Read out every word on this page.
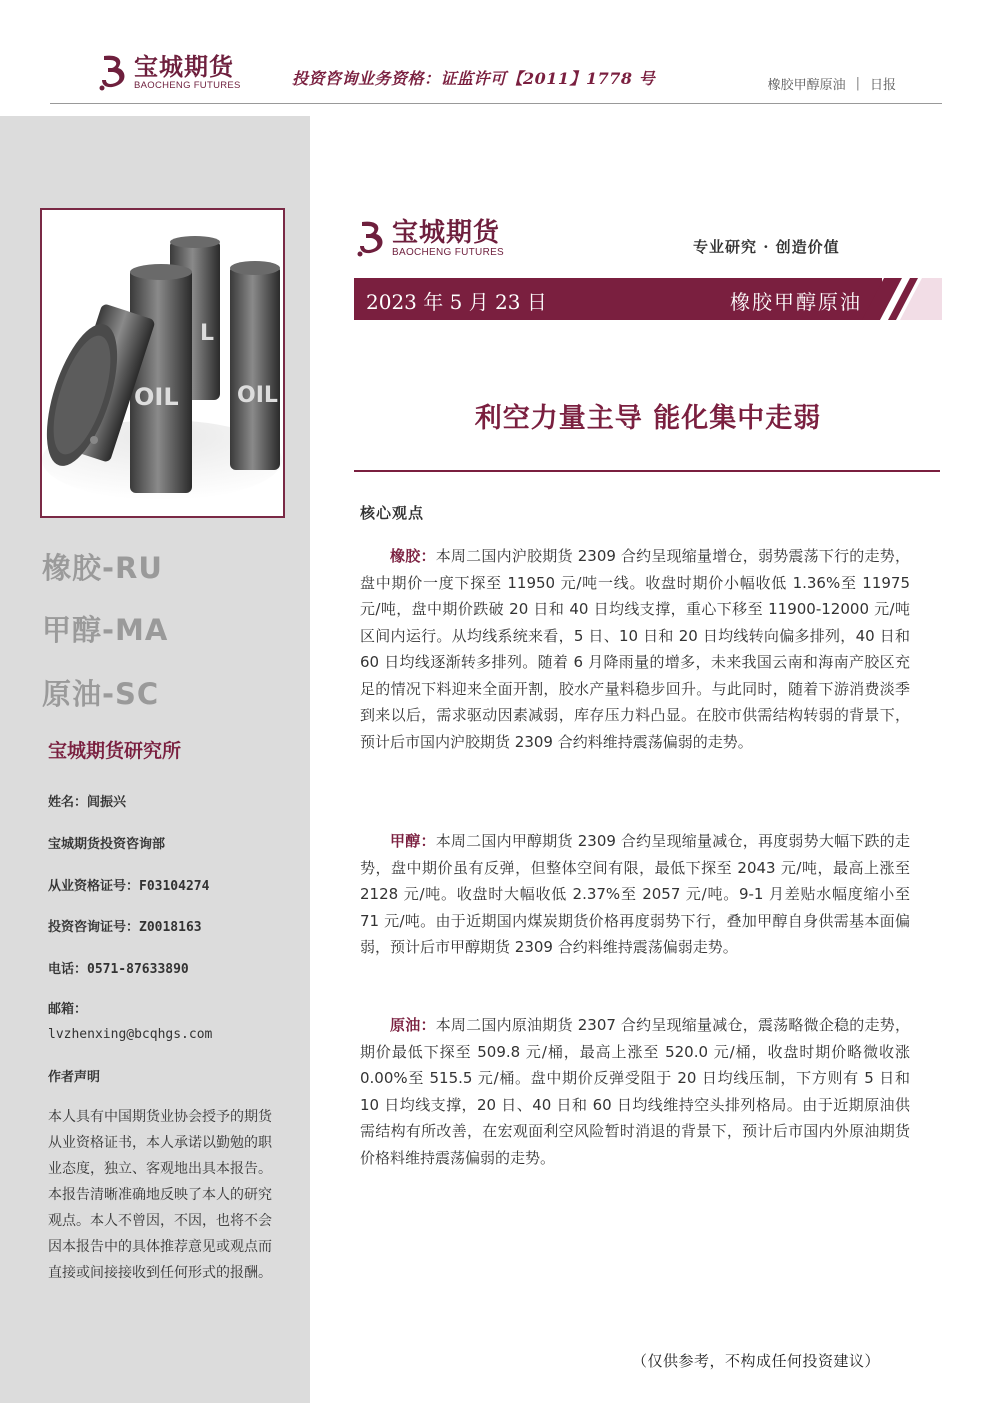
宝城期货
BAOCHENG FUTURES	投资咨询业务资格：证监许可【2011】1778 号	橡胶甲醇原油 | 日报
L
OIL
OIL
橡胶-RU
甲醇-MA
原油-SC
宝城期货研究所
姓名：闾振兴
宝城期货投资咨询部
从业资格证号：F03104274
投资咨询证号：Z0018163
电话：0571-87633890
邮箱：
lvzhenxing@bcqhgs.com
作者声明
本人具有中国期货业协会授予的期货从业资格证书，本人承诺以勤勉的职业态度，独立、客观地出具本报告。本报告清晰准确地反映了本人的研究观点。本人不曾因，不因，也将不会因本报告中的具体推荐意见或观点而直接或间接接收到任何形式的报酬。
宝城期货
BAOCHENG FUTURES	专业研究 · 创造价值
2023 年 5 月 23 日	橡胶甲醇原油
利空力量主导 能化集中走弱
核心观点
橡胶：本周二国内沪胶期货 2309 合约呈现缩量增仓，弱势震荡下行的走势，盘中期价一度下探至 11950 元/吨一线。收盘时期价小幅收低 1.36%至 11975 元/吨，盘中期价跌破 20 日和 40 日均线支撑，重心下移至 11900-12000 元/吨区间内运行。从均线系统来看，5 日、10 日和 20 日均线转向偏多排列，40 日和 60 日均线逐渐转多排列。随着 6 月降雨量的增多，未来我国云南和海南产胶区充足的情况下料迎来全面开割，胶水产量料稳步回升。与此同时，随着下游消费淡季到来以后，需求驱动因素减弱，库存压力料凸显。在胶市供需结构转弱的背景下，预计后市国内沪胶期货 2309 合约料维持震荡偏弱的走势。
甲醇：本周二国内甲醇期货 2309 合约呈现缩量减仓，再度弱势大幅下跌的走势，盘中期价虽有反弹，但整体空间有限，最低下探至 2043 元/吨，最高上涨至 2128 元/吨。收盘时大幅收低 2.37%至 2057 元/吨。9-1 月差贴水幅度缩小至 71 元/吨。由于近期国内煤炭期货价格再度弱势下行，叠加甲醇自身供需基本面偏弱，预计后市甲醇期货 2309 合约料维持震荡偏弱走势。
原油：本周二国内原油期货 2307 合约呈现缩量减仓，震荡略微企稳的走势，期价最低下探至 509.8 元/桶，最高上涨至 520.0 元/桶，收盘时期价略微收涨 0.00%至 515.5 元/桶。盘中期价反弹受阻于 20 日均线压制，下方则有 5 日和 10 日均线支撑，20 日、40 日和 60 日均线维持空头排列格局。由于近期原油供需结构有所改善，在宏观面利空风险暂时消退的背景下，预计后市国内外原油期货价格料维持震荡偏弱的走势。
（仅供参考，不构成任何投资建议）
